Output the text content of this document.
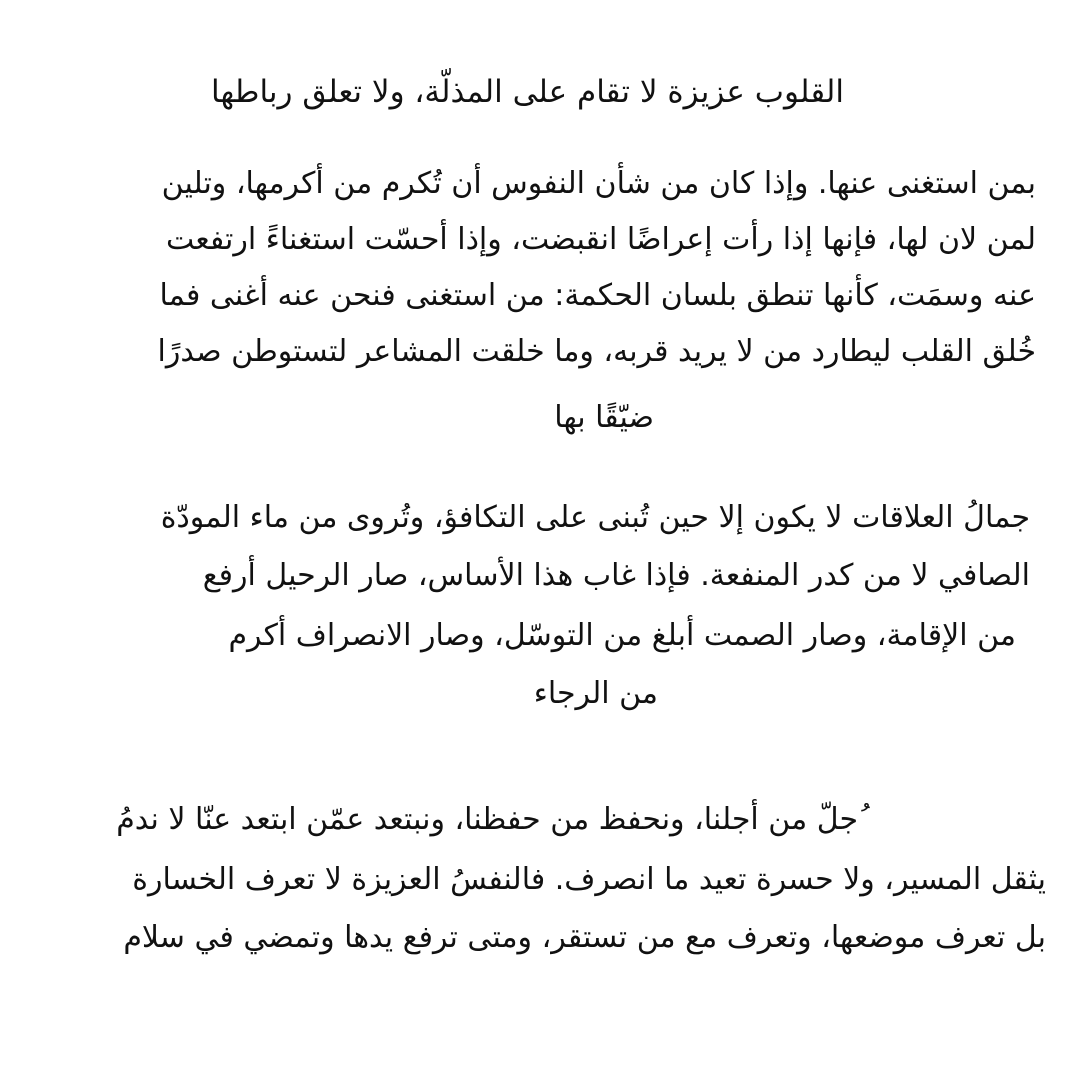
القلوب عزيزة لا تقام على المذلّة، ولا تعلق رباطها
بمن استغنى عنها. وإذا كان من شأن النفوس أن تُكرم من أكرمها، وتلين
لمن لان لها، فإنها إذا رأت إعراضًا انقبضت، وإذا أحسّت استغناءً ارتفعت
عنه وسمَت، كأنها تنطق بلسان الحكمة: من استغنى فنحن عنه أغنى فما
خُلق القلب ليطارد من لا يريد قربه، وما خلقت المشاعر لتستوطن صدرًا
ضيّقًا بها
جمالُ العلاقات لا يكون إلا حين تُبنى على التكافؤ، وتُروى من ماء المودّة
الصافي لا من كدر المنفعة. فإذا غاب هذا الأساس، صار الرحيل أرفع
من الإقامة، وصار الصمت أبلغ من التوسّل، وصار الانصراف أكرم
من الرجاء
ُجلّ من أجلنا، ونحفظ من حفظنا، ونبتعد عمّن ابتعد عنّا لا ندمُ
يثقل المسير، ولا حسرة تعيد ما انصرف. فالنفسُ العزيزة لا تعرف الخسارة
بل تعرف موضعها، وتعرف مع من تستقر، ومتى ترفع يدها وتمضي في سلام
